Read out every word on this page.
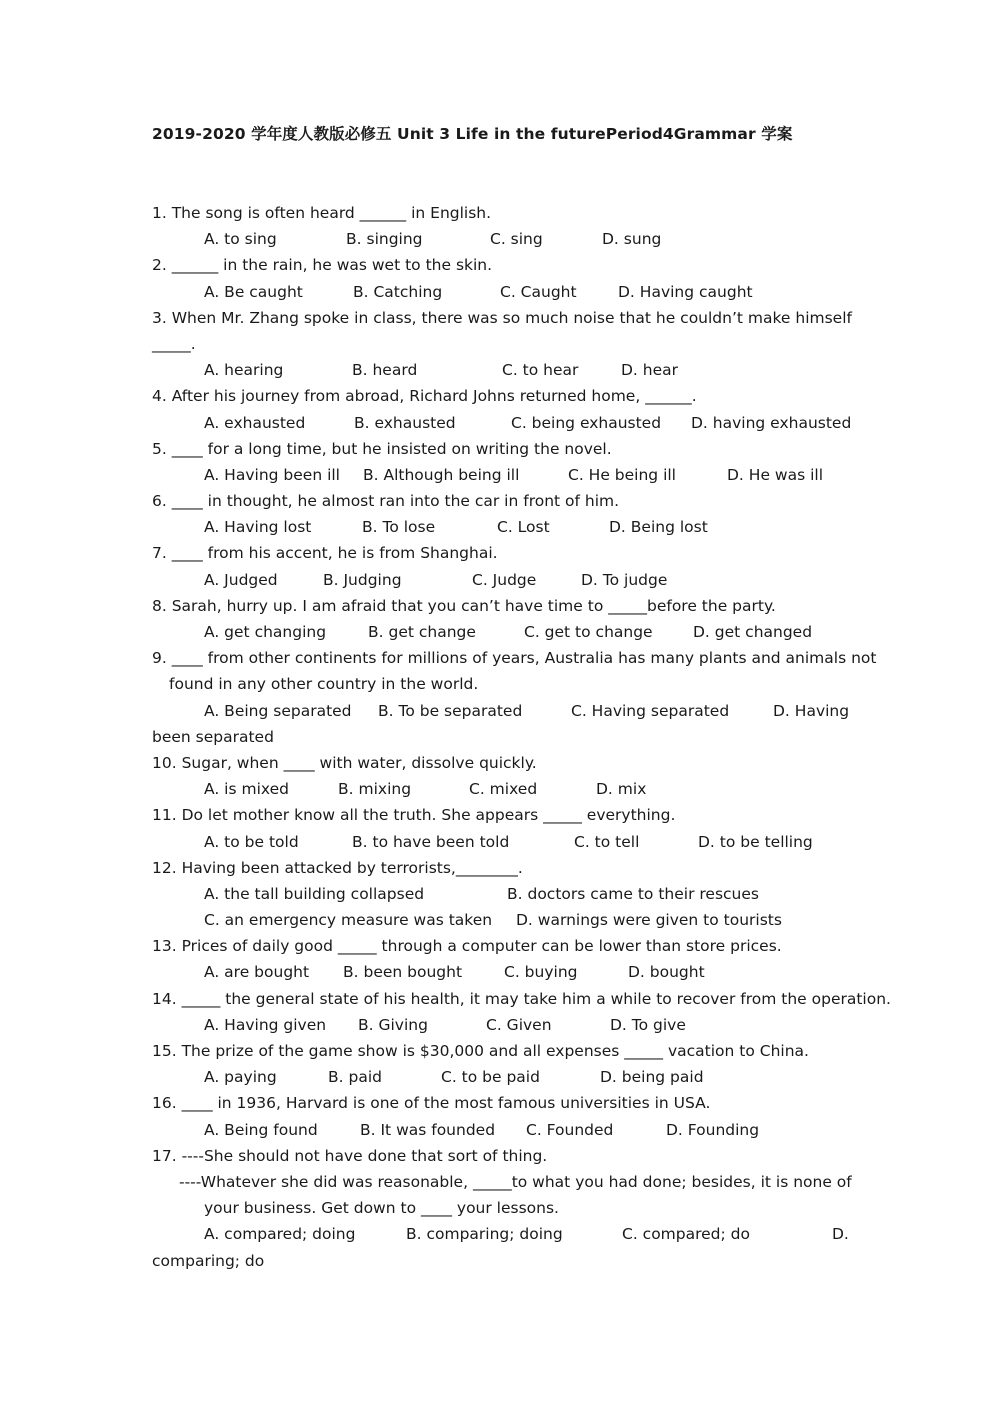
2019-2020 学年度人教版必修五 Unit 3 Life in the futurePeriod4Grammar 学案
1. The song is often heard ______ in English.
A. to sing	B. singing	C. sing	D. sung
2. ______ in the rain, he was wet to the skin.
A. Be caught	B. Catching	C. Caught	D. Having caught
3. When Mr. Zhang spoke in class, there was so much noise that he couldn’t make himself
_____.
A. hearing	B. heard	C. to hear	D. hear
4. After his journey from abroad, Richard Johns returned home, ______.
A. exhausted	B. exhausted	C. being exhausted D. having exhausted
5. ____ for a long time, but he insisted on writing the novel.
A. Having been ill B. Although being ill	C. He being ill	D. He was ill
6. ____ in thought, he almost ran into the car in front of him.
A. Having lost	B. To lose	C. Lost	D. Being lost
7. ____ from his accent, he is from Shanghai.
A. Judged	B. Judging	C. Judge	D. To judge
8. Sarah, hurry up. I am afraid that you can’t have time to _____before the party.
A. get changing	B. get change	C. get to change	D. get changed
9. ____ from other continents for millions of years, Australia has many plants and animals not
found in any other country in the world.
A. Being separated B. To be separated	C. Having separated	D. Having
been separated
10. Sugar, when ____ with water, dissolve quickly.
A. is mixed	B. mixing	C. mixed	D. mix
11. Do let mother know all the truth. She appears _____ everything.
A. to be told	B. to have been told	C. to tell	D. to be telling
12. Having been attacked by terrorists,________.
A. the tall building collapsed	B. doctors came to their rescues
C. an emergency measure was taken D. warnings were given to tourists
13. Prices of daily good _____ through a computer can be lower than store prices.
A. are bought B. been bought	C. buying	D. bought
14. _____ the general state of his health, it may take him a while to recover from the operation.
A. Having given B. Giving	C. Given	D. To give
15. The prize of the game show is $30,000 and all expenses _____ vacation to China.
A. paying	B. paid	C. to be paid	D. being paid
16. ____ in 1936, Harvard is one of the most famous universities in USA.
A. Being found	B. It was founded C. Founded	D. Founding
17. ----She should not have done that sort of thing.
----Whatever she did was reasonable, _____to what you had done; besides, it is none of
your business. Get down to ____ your lessons.
A. compared; doing	B. comparing; doing	C. compared; do	D.
comparing; do
